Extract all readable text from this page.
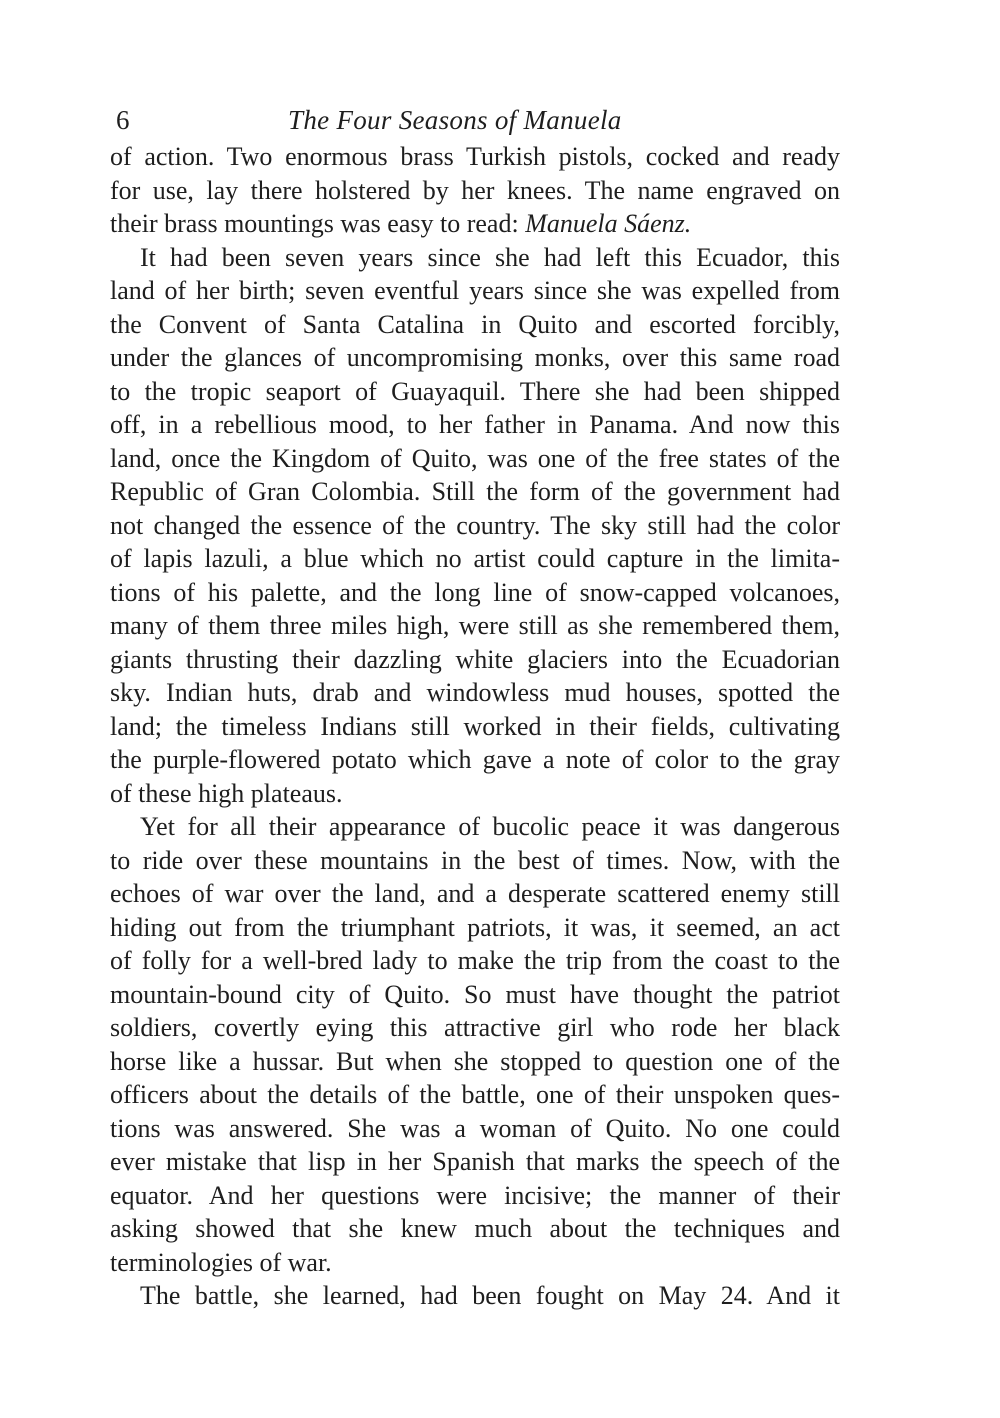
6	The Four Seasons of Manuela
of action. Two enormous brass Turkish pistols, cocked and ready
for use, lay there holstered by her knees. The name engraved on
their brass mountings was easy to read: Manuela Sáenz.
It had been seven years since she had left this Ecuador, this
land of her birth; seven eventful years since she was expelled from
the Convent of Santa Catalina in Quito and escorted forcibly,
under the glances of uncompromising monks, over this same road
to the tropic seaport of Guayaquil. There she had been shipped
off, in a rebellious mood, to her father in Panama. And now this
land, once the Kingdom of Quito, was one of the free states of the
Republic of Gran Colombia. Still the form of the government had
not changed the essence of the country. The sky still had the color
of lapis lazuli, a blue which no artist could capture in the limita-
tions of his palette, and the long line of snow-capped volcanoes,
many of them three miles high, were still as she remembered them,
giants thrusting their dazzling white glaciers into the Ecuadorian
sky. Indian huts, drab and windowless mud houses, spotted the
land; the timeless Indians still worked in their fields, cultivating
the purple-flowered potato which gave a note of color to the gray
of these high plateaus.
Yet for all their appearance of bucolic peace it was dangerous
to ride over these mountains in the best of times. Now, with the
echoes of war over the land, and a desperate scattered enemy still
hiding out from the triumphant patriots, it was, it seemed, an act
of folly for a well-bred lady to make the trip from the coast to the
mountain-bound city of Quito. So must have thought the patriot
soldiers, covertly eying this attractive girl who rode her black
horse like a hussar. But when she stopped to question one of the
officers about the details of the battle, one of their unspoken ques-
tions was answered. She was a woman of Quito. No one could
ever mistake that lisp in her Spanish that marks the speech of the
equator. And her questions were incisive; the manner of their
asking showed that she knew much about the techniques and
terminologies of war.
The battle, she learned, had been fought on May 24. And it
